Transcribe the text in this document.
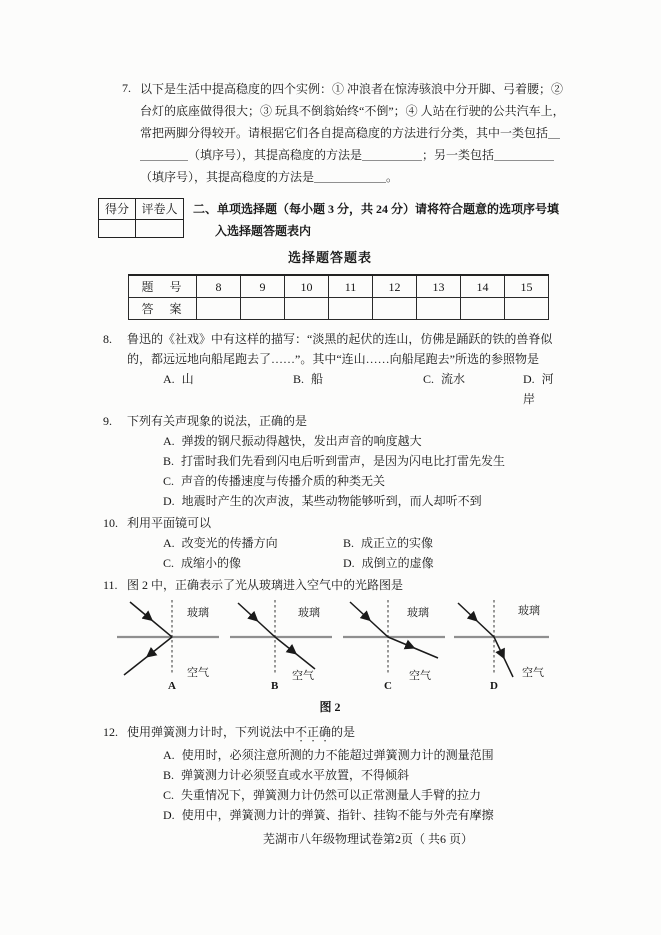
7. 以下是生活中提高稳度的四个实例：① 冲浪者在惊涛骇浪中分开脚、弓着腰；② 台灯的底座做得很大；③ 玩具不倒翁始终“不倒”；④ 人站在行驶的公共汽车上，常把两脚分得较开。请根据它们各自提高稳度的方法进行分类，其中一类包括＿＿＿＿＿（填序号），其提高稳度的方法是＿＿＿＿＿；另一类包括＿＿＿＿＿（填序号），其提高稳度的方法是＿＿＿＿＿＿。
得分	评卷人
	二、单项选择题（每小题 3 分，共 24 分）请将符合题意的选项序号填入选择题答题表内
选择题答题表
题　号	8	9	10	11	12	13	14	15
答　案								
8.	鲁迅的《社戏》中有这样的描写：“淡黑的起伏的连山，仿佛是踊跃的铁的兽脊似的，都远远地向船尾跑去了……”。其中“连山……向船尾跑去”所选的参照物是
A. 山	B. 船	C. 流水	D. 河岸
9.	下列有关声现象的说法，正确的是
A. 弹拨的钢尺振动得越快，发出声音的响度越大
B. 打雷时我们先看到闪电后听到雷声，是因为闪电比打雷先发生
C. 声音的传播速度与传播介质的种类无关
D. 地震时产生的次声波，某些动物能够听到，而人却听不到
10. 利用平面镜可以
A. 改变光的传播方向	B. 成正立的实像
C. 成缩小的像	D. 成倒立的虚像
11. 图 2 中，正确表示了光从玻璃进入空气中的光路图是
玻璃
空气
A
玻璃
空气
B
玻璃
空气
C
玻璃
空气
D
图 2
12. 使用弹簧测力计时，下列说法中不正确的是
A. 使用时，必须注意所测的力不能超过弹簧测力计的测量范围
B. 弹簧测力计必须竖直或水平放置，不得倾斜
C. 失重情况下，弹簧测力计仍然可以正常测量人手臂的拉力
D. 使用中，弹簧测力计的弹簧、指针、挂钩不能与外壳有摩擦
芜湖市八年级物理试卷第2页（ 共6 页）
